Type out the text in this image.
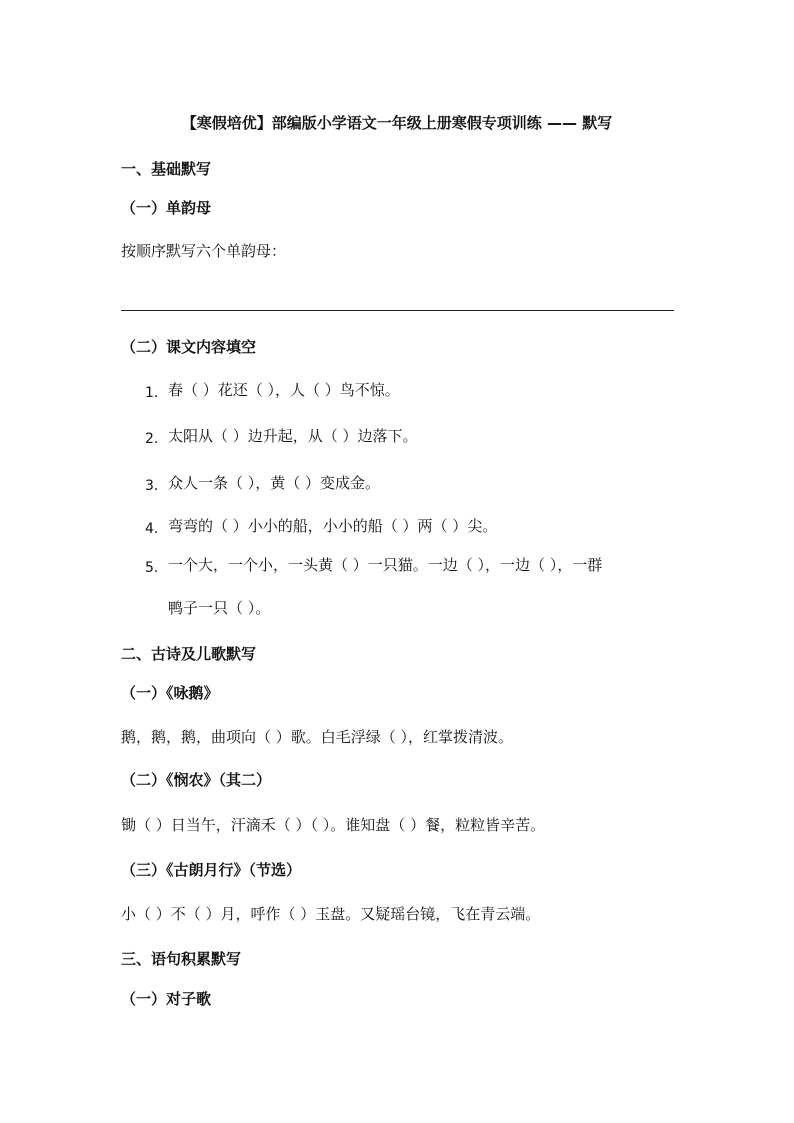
【寒假培优】部编版小学语文一年级上册寒假专项训练 —— 默写
一、基础默写
（一）单韵母
按顺序默写六个单韵母：
（二）课文内容填空
1. 春（ ）花还（ ），人（ ）鸟不惊。
2. 太阳从（ ）边升起，从（ ）边落下。
3. 众人一条（ ），黄（ ）变成金。
4. 弯弯的（ ）小小的船，小小的船（ ）两（ ）尖。
5. 一个大，一个小，一头黄（ ）一只猫。一边（ ），一边（ ），一群
鸭子一只（ ）。
二、古诗及儿歌默写
（一）《咏鹅》
鹅，鹅，鹅，曲项向（ ）歌。白毛浮绿（ ），红掌拨清波。
（二）《悯农》（其二）
锄（ ）日当午，汗滴禾（ ）（ ）。谁知盘（ ）餐，粒粒皆辛苦。
（三）《古朗月行》（节选）
小（ ）不（ ）月，呼作（ ）玉盘。又疑瑶台镜，飞在青云端。
三、语句积累默写
（一）对子歌
